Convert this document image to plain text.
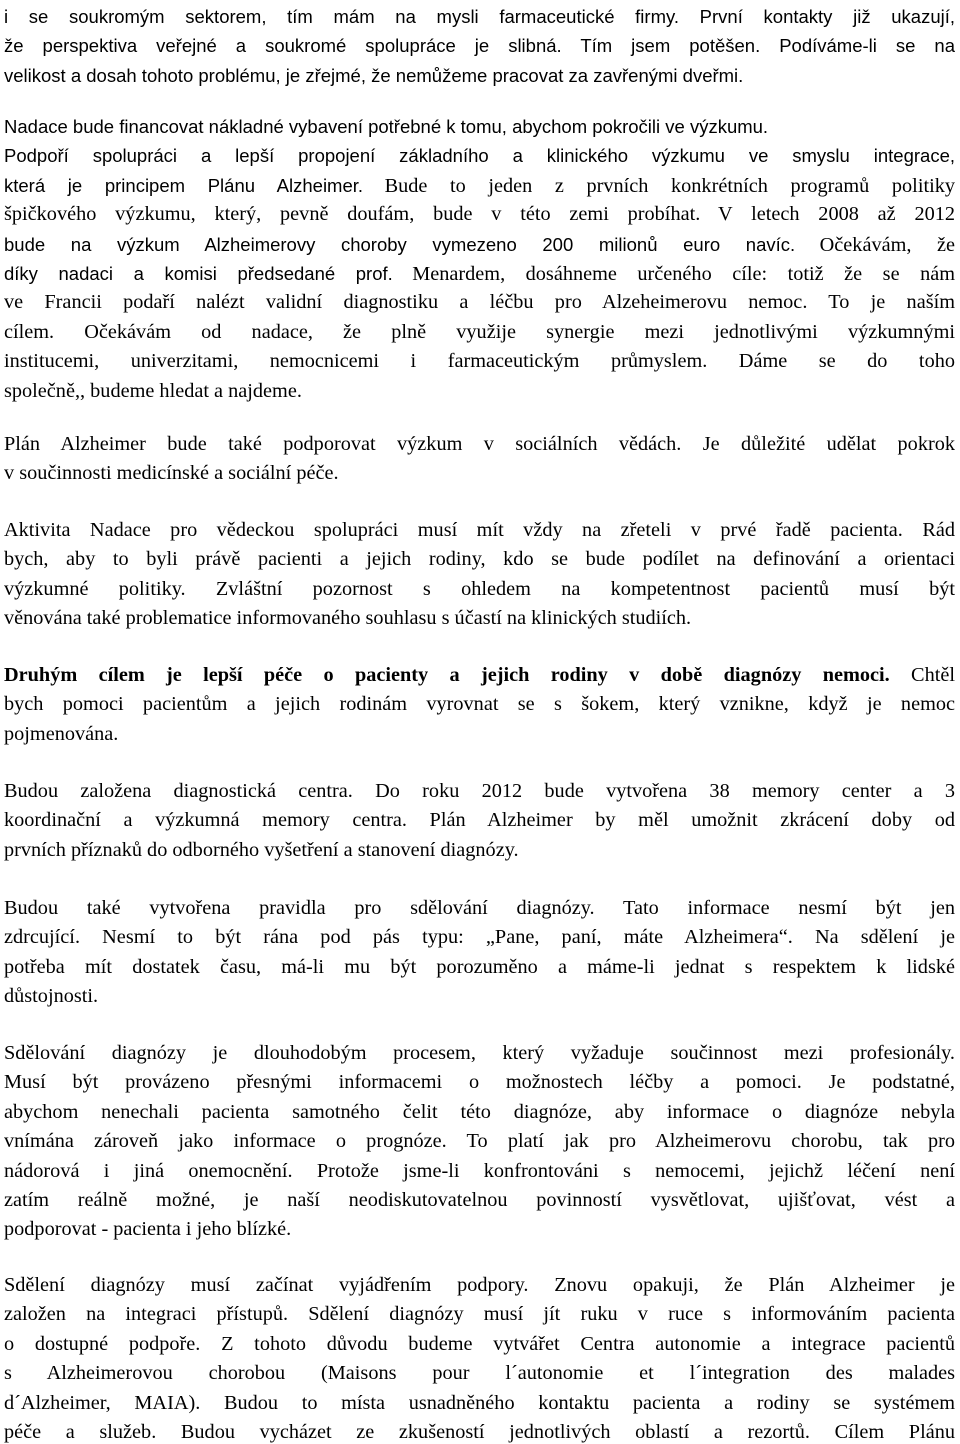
i se soukromým sektorem, tím mám na mysli farmaceutické firmy. První kontakty již ukazují,
že perspektiva veřejné a soukromé spolupráce je slibná. Tím jsem potěšen. Podíváme-li se na
velikost a dosah tohoto problému, je zřejmé, že nemůžeme pracovat za zavřenými dveřmi.
Nadace bude financovat nákladné vybavení potřebné k tomu, abychom pokročili ve výzkumu.
Podpoří spolupráci a lepší propojení základního a klinického výzkumu ve smyslu integrace,
která je principem Plánu Alzheimer. Bude to jeden z prvních konkrétních programů politiky
špičkového výzkumu, který, pevně doufám, bude v této zemi probíhat. V letech 2008 až 2012
bude na výzkum Alzheimerovy choroby vymezeno 200 milionů euro navíc. Očekávám, že
díky nadaci a komisi předsedané prof. Menardem, dosáhneme určeného cíle: totiž že se nám
ve Francii podaří nalézt validní diagnostiku a léčbu pro Alzeheimerovu nemoc. To je naším
cílem. Očekávám od nadace, že plně využije synergie mezi jednotlivými výzkumnými
institucemi, univerzitami, nemocnicemi i farmaceutickým průmyslem. Dáme se do toho
společně,, budeme hledat a najdeme.
Plán Alzheimer bude také podporovat výzkum v sociálních vědách. Je důležité udělat pokrok
v součinnosti medicínské a sociální péče.
Aktivita Nadace pro vědeckou spolupráci musí mít vždy na zřeteli v prvé řadě pacienta. Rád
bych, aby to byli právě pacienti a jejich rodiny, kdo se bude podílet na definování a orientaci
výzkumné politiky. Zvláštní pozornost s ohledem na kompetentnost pacientů musí být
věnována také problematice informovaného souhlasu s účastí na klinických studiích.
Druhým cílem je lepší péče o pacienty a jejich rodiny v době diagnózy nemoci. Chtěl
bych pomoci pacientům a jejich rodinám vyrovnat se s šokem, který vznikne, když je nemoc
pojmenována.
Budou založena diagnostická centra. Do roku 2012 bude vytvořena 38 memory center a 3
koordinační a výzkumná memory centra. Plán Alzheimer by měl umožnit zkrácení doby od
prvních příznaků do odborného vyšetření a stanovení diagnózy.
Budou také vytvořena pravidla pro sdělování diagnózy. Tato informace nesmí být jen
zdrcující. Nesmí to být rána pod pás typu: „Pane, paní, máte Alzheimera“. Na sdělení je
potřeba mít dostatek času, má-li mu být porozuměno a máme-li jednat s respektem k lidské
důstojnosti.
Sdělování diagnózy je dlouhodobým procesem, který vyžaduje součinnost mezi profesionály.
Musí být provázeno přesnými informacemi o možnostech léčby a pomoci. Je podstatné,
abychom nenechali pacienta samotného čelit této diagnóze, aby informace o diagnóze nebyla
vnímána zároveň jako informace o prognóze. To platí jak pro Alzheimerovu chorobu, tak pro
nádorová i jiná onemocnění. Protože jsme-li konfrontováni s nemocemi, jejichž léčení není
zatím reálně možné, je naší neodiskutovatelnou povinností vysvětlovat, ujišťovat, vést a
podporovat - pacienta i jeho blízké.
Sdělení diagnózy musí začínat vyjádřením podpory. Znovu opakuji, že Plán Alzheimer je
založen na integraci přístupů. Sdělení diagnózy musí jít ruku v ruce s informováním pacienta
o dostupné podpoře. Z tohoto důvodu budeme vytvářet Centra autonomie a integrace pacientů
s Alzheimerovou chorobou (Maisons pour l´autonomie et l´integration des malades
d´Alzheimer, MAIA). Budou to místa usnadněného kontaktu pacienta a rodiny se systémem
péče a služeb. Budou vycházet ze zkušeností jednotlivých oblastí a rezortů. Cílem Plánu
